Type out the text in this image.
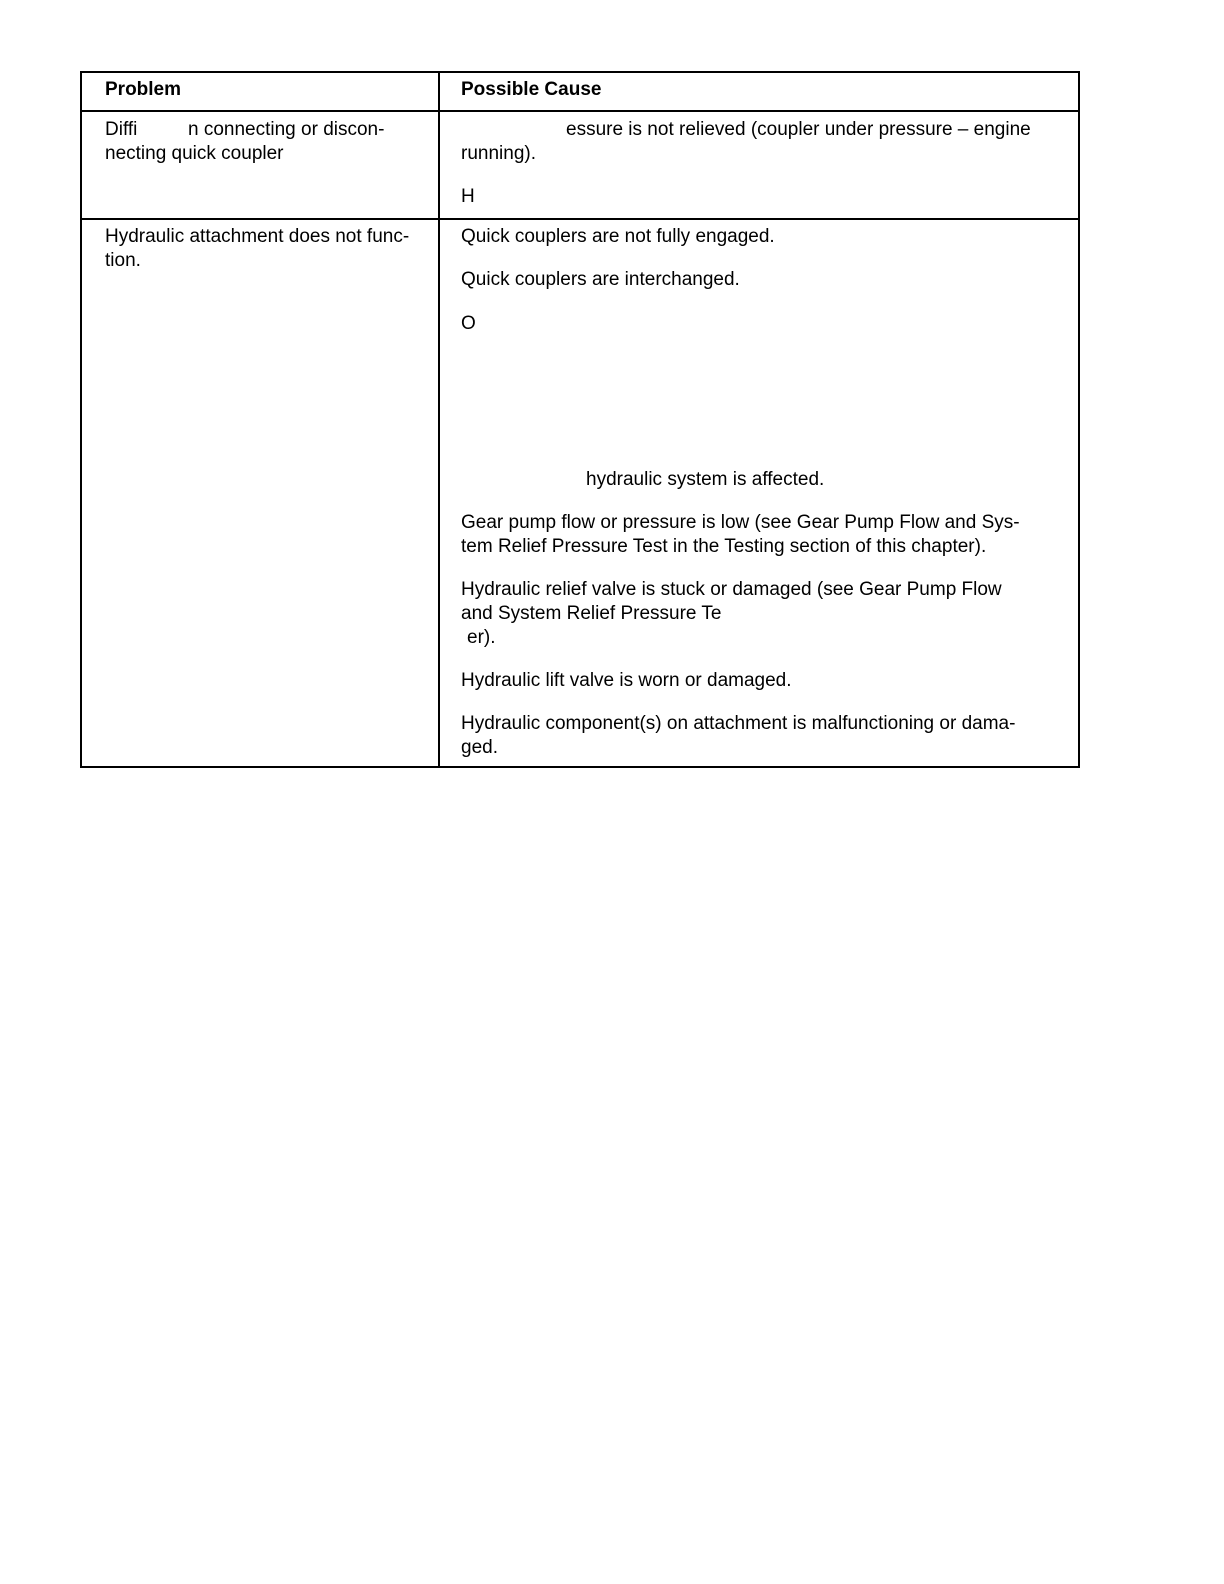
Problem	Possible Cause
Diffi	n connecting or discon-
necting quick coupler
essure is not relieved (coupler under pressure – engine
running).
H
Hydraulic attachment does not func-
tion.
Quick couplers are not fully engaged.
Quick couplers are interchanged.
O
hydraulic system is affected.
Gear pump flow or pressure is low (see Gear Pump Flow and Sys-
tem Relief Pressure Test in the Testing section of this chapter).
Hydraulic relief valve is stuck or damaged (see Gear Pump Flow
and System Relief Pressure Te
er).
Hydraulic lift valve is worn or damaged.
Hydraulic component(s) on attachment is malfunctioning or dama-
ged.
